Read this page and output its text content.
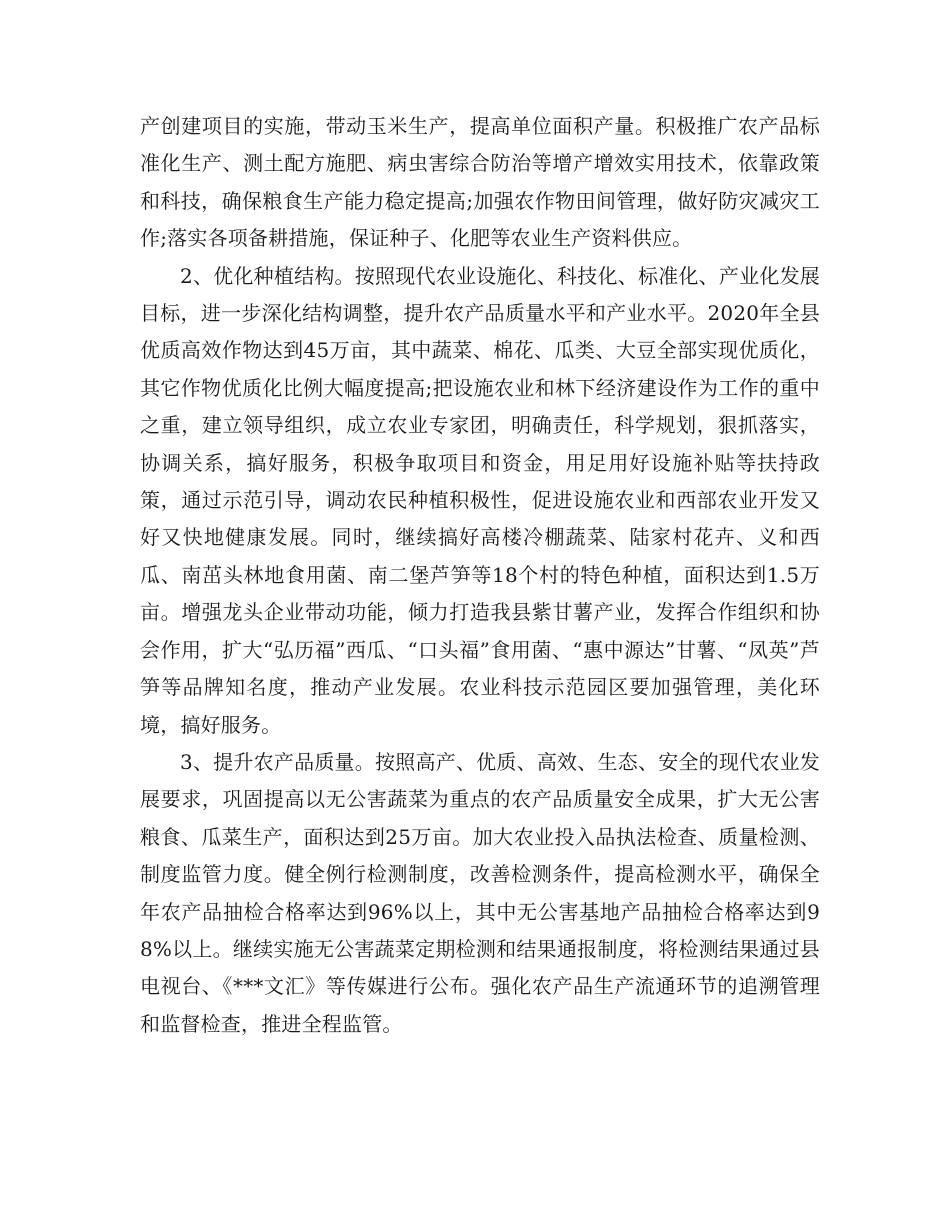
产创建项目的实施，带动玉米生产，提高单位面积产量。积极推广农产品标准化生产、测土配方施肥、病虫害综合防治等增产增效实用技术，依靠政策和科技，确保粮食生产能力稳定提高;加强农作物田间管理，做好防灾减灾工作;落实各项备耕措施，保证种子、化肥等农业生产资料供应。

2、优化种植结构。按照现代农业设施化、科技化、标准化、产业化发展目标，进一步深化结构调整，提升农产品质量水平和产业水平。2020年全县优质高效作物达到45万亩，其中蔬菜、棉花、瓜类、大豆全部实现优质化，其它作物优质化比例大幅度提高;把设施农业和林下经济建设作为工作的重中之重，建立领导组织，成立农业专家团，明确责任，科学规划，狠抓落实，协调关系，搞好服务，积极争取项目和资金，用足用好设施补贴等扶持政策，通过示范引导，调动农民种植积极性，促进设施农业和西部农业开发又好又快地健康发展。同时，继续搞好高楼冷棚蔬菜、陆家村花卉、义和西瓜、南茁头林地食用菌、南二堡芦笋等18个村的特色种植，面积达到1.5万亩。增强龙头企业带动功能，倾力打造我县紫甘薯产业，发挥合作组织和协会作用，扩大“弘历福”西瓜、“口头福”食用菌、“惠中源达”甘薯、“凤英”芦笋等品牌知名度，推动产业发展。农业科技示范园区要加强管理，美化环境，搞好服务。

3、提升农产品质量。按照高产、优质、高效、生态、安全的现代农业发展要求，巩固提高以无公害蔬菜为重点的农产品质量安全成果，扩大无公害粮食、瓜菜生产，面积达到25万亩。加大农业投入品执法检查、质量检测、制度监管力度。健全例行检测制度，改善检测条件，提高检测水平，确保全年农产品抽检合格率达到96%以上，其中无公害基地产品抽检合格率达到98%以上。继续实施无公害蔬菜定期检测和结果通报制度，将检测结果通过县电视台、《***文汇》等传媒进行公布。强化农产品生产流通环节的追溯管理和监督检查，推进全程监管。
